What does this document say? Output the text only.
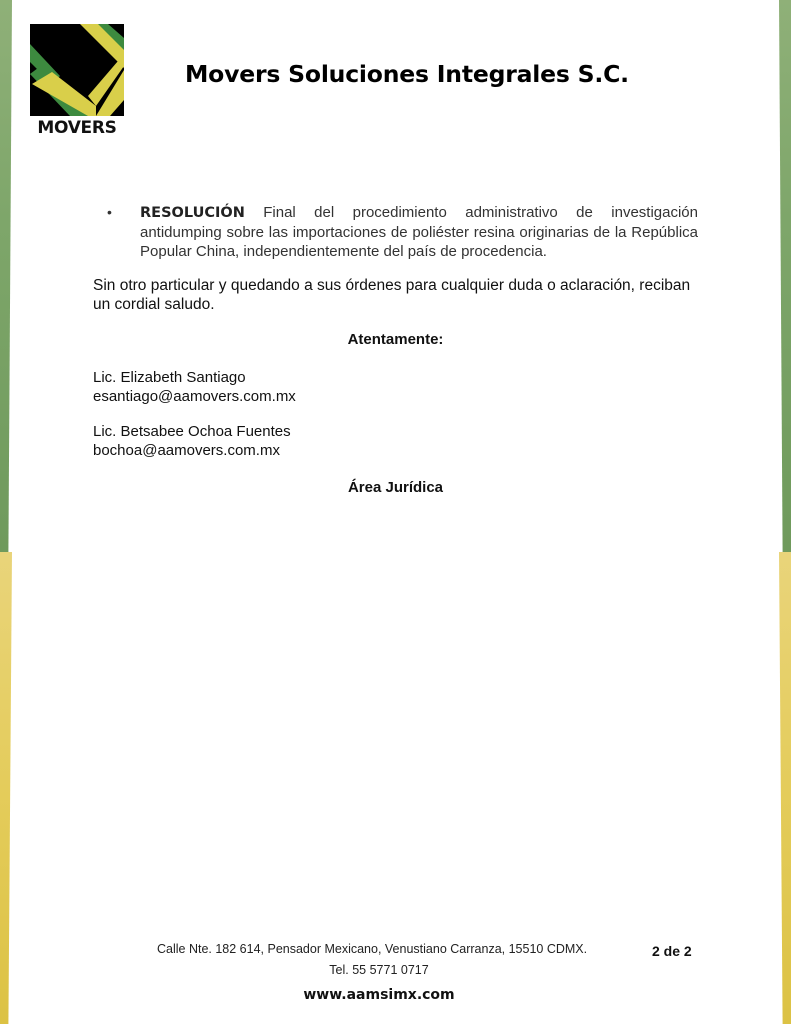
MOVERS
Movers Soluciones Integrales S.C.
• RESOLUCIÓN Final del procedimiento administrativo de investigación antidumping sobre las importaciones de poliéster resina originarias de la República Popular China, independientemente del país de procedencia.
Sin otro particular y quedando a sus órdenes para cualquier duda o aclaración, reciban un cordial saludo.
Atentamente:
Lic. Elizabeth Santiago
esantiago@aamovers.com.mx
Lic. Betsabee Ochoa Fuentes
bochoa@aamovers.com.mx
Área Jurídica
Calle Nte. 182 614, Pensador Mexicano, Venustiano Carranza, 15510 CDMX.	2 de 2
Tel. 55 5771 0717
www.aamsimx.com
